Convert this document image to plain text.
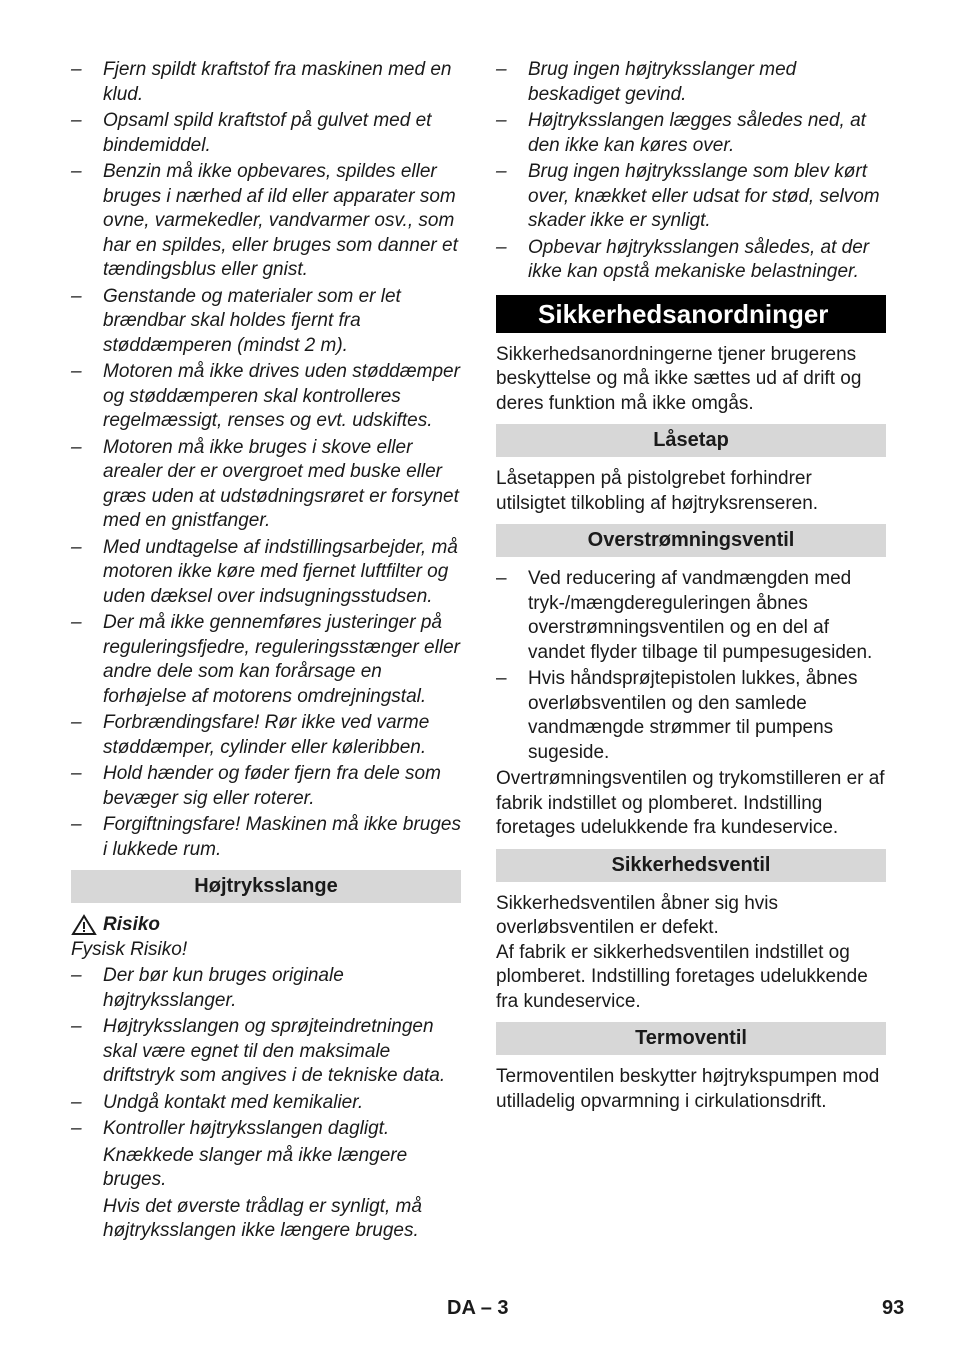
– Fjern spildt kraftstof fra maskinen med en klud.
– Opsaml spild kraftstof på gulvet med et bindemiddel.
– Benzin må ikke opbevares, spildes eller bruges i nærhed af ild eller apparater som ovne, varmekedler, vandvarmer osv., som har en spildes, eller bruges som danner et tændingsblus eller gnist.
– Genstande og materialer som er let brændbar skal holdes fjernt fra støddæmperen (mindst 2 m).
– Motoren må ikke drives uden støddæmper og støddæmperen skal kontrolleres regelmæssigt, renses og evt. udskiftes.
– Motoren må ikke bruges i skove eller arealer der er overgroet med buske eller græs uden at udstødningsrøret er forsynet med en gnistfanger.
– Med undtagelse af indstillingsarbejder, må motoren ikke køre med fjernet luftfilter og uden dæksel over indsugningsstudsen.
– Der må ikke gennemføres justeringer på reguleringsfjedre, reguleringsstænger eller andre dele som kan forårsage en forhøjelse af motorens omdrejningstal.
– Forbrændingsfare! Rør ikke ved varme støddæmper, cylinder eller køleribben.
– Hold hænder og føder fjern fra dele som bevæger sig eller roterer.
– Forgiftningsfare! Maskinen må ikke bruges i lukkede rum.
Højtryksslange
Risiko
Fysisk Risiko!
– Der bør kun bruges originale højtryksslanger.
– Højtryksslangen og sprøjteindretningen skal være egnet til den maksimale driftstryk som angives i de tekniske data.
– Undgå kontakt med kemikalier.
– Kontroller højtryksslangen dagligt.
Knækkede slanger må ikke længere bruges.
Hvis det øverste trådlag er synligt, må højtryksslangen ikke længere bruges.
– Brug ingen højtryksslanger med beskadiget gevind.
– Højtryksslangen lægges således ned, at den ikke kan køres over.
– Brug ingen højtryksslange som blev kørt over, knækket eller udsat for stød, selvom skader ikke er synligt.
– Opbevar højtryksslangen således, at der ikke kan opstå mekaniske belastninger.
Sikkerhedsanordninger

Sikkerhedsanordningerne tjener brugerens beskyttelse og må ikke sættes ud af drift og deres funktion må ikke omgås.

Låsetap

Låsetappen på pistolgrebet forhindrer utilsigtet tilkobling af højtryksrenseren.

Overstrømningsventil
– Ved reducering af vandmængden med tryk-/mængdereguleringen åbnes overstrømningsventilen og en del af vandet flyder tilbage til pumpesugesiden.
– Hvis håndsprøjtepistolen lukkes, åbnes overløbsventilen og den samlede vandmængde strømmer til pumpens sugeside.

Overtrømningsventilen og trykomstilleren er af fabrik indstillet og plomberet. Indstilling foretages udelukkende fra kundeservice.

Sikkerhedsventil

Sikkerhedsventilen åbner sig hvis overløbsventilen er defekt.

Af fabrik er sikkerhedsventilen indstillet og plomberet. Indstilling foretages udelukkende fra kundeservice.

Termoventil

Termoventilen beskytter højtrykspumpen mod utilladelig opvarmning i cirkulationsdrift.

DA – 3	93
